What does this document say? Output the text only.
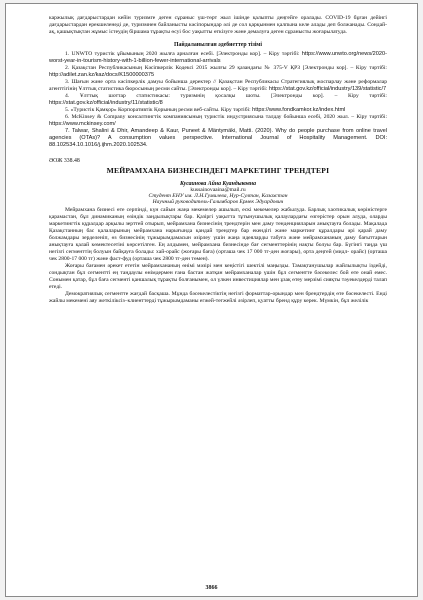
каржылық дағдарыстардан кейін туризмге деген сұраныс үш-төрт жыл ішінде қалыпты деңгейге оралады. COVID-19 бұған дейінгі дағдарыстардан ерекшеленеді де, туризмнен байланысты кәсіпорындар әлі де сол қарқынмен қалпына келе алады деп болжанады. Сондай-ақ, қашықтықтан жұмыс істеудің біршама тұрақты өсуі бос уақытты өткізуге және демалуға деген сұранысты жоғарылатуда.

Пайдаланылған әдебиеттер тізімі

1. UNWTO туристік ұйымының 2020 жылға арналған есебі. [Электронды кор]. – Кіру тәртібі: https://www.unwto.org/news/2020-worst-year-in-tourism-history-with-1-billion-fewer-international-arrivals

2. Қазақстан Республикасының Кәсіпкерлік Кодексі 2015 жылғы 29 қазандағы № 375-V ҚРЗ [Электронды кор]. – Кіру тәртібі: http://adilet.zan.kz/kaz/docs/K1500000375

3. Шағын және орта кәсіпкерлік дамуы бойынша деректер // Қазақстан Республикасы Стратегиялық жоспарлау және реформалар агенттігінің Ұлттық статистика бюросының ресми сайты. [Электронды кор]. – Кіру тәртібі: https://stat.gov.kz/official/industry/139/statistic/7

4. Ұлттық шоттар статистикасы: туризмнің қосалқы шоты. [Электронды кор]. – Кіру тәртібі: https://stat.gov.kz/official/industry/11/statistic/8

5. «Туристік Қамқор» Корпоративтік Қорының ресми веб-сайты. Кіру тәртібі: https://www.fondkamkor.kz/index.html

6. McKinsey & Company консалтингтік компаниясының туристік индустриясына талдау бойынша есебі, 2020 жыл. – Кіру тәртібі: https://www.mckinsey.com/

7. Talwar, Shalini & Dhir, Amandeep & Kaur, Puneet & Mäntymäki, Matti. (2020). Why do people purchase from online travel agencies (OTAs)? A consumption values perspective. International Journal of Hospitality Management. DOI: 88.102534.10.1016/j.ijhm.2020.102534.

ӘОЖ 338.48
МЕЙРАМХАНА БИЗНЕСІНДЕГІ МАРКЕТИНГ ТРЕНДТЕРІ
Кусаинова Айна Куандыковна
kussainovaaina@mail.ru
Студент ЕНУ им. Л.Н.Гумилева, Нур-Султан, Казахстан
Научный руководитель-Галимбаров Ермек Эдуардович

Мейрамхана бизнесі өте серпінді, күн сайын жаңа мекемелер ашылып, ескі мекемелер жабылуда. Барлық хаотикалық көріністерге қарамастан, бұл динамиканың өзіндік заңдылықтары бар. Қазіргі уақытта тұтынушылық қалаулардағы өзгерістер орын алуда, оларды маркетингтік құралдар арқылы зерттей отырып, мейрамхана бизнесінің трендтерін мен даму тенденцияларын анықтауға болады. Мақалада Қазақстанның бас қалаларының мейрамхана нарығында қандай трендтер бар екендігі және маркетинг құралдары әрі қарай даму болжамдары зерделеніп, өз бизнесінің тұжырымдамасын әзірлеу үшін жаңа идеяларды табуға және мейрамхананың даму бағыттарын анықтауға қалай көмектесетіні көрсетілген. Ең алдымен, мейрамхана бизнесінде бағ сегменттерінің нақты болуы бар. Бүгінгі таңда үш негізгі сегменттің болуын байқауға болады: хай-орайс (жоғары баға) (орташа чек 17 000 тг-ден жоғары), орта деңгей (мидл- орайс) (орташа чек 2800-17 000 тг) және фаст-фуд (орташа чек 2800 тг-ден төмен).

Жоғары бағамен әрекет ететін мейрамхананың өнімі мәзірі мен кеңістігі шектілі маңызды. Тамақтанушылар жайлылықты іздейді, сондықтан бұл сегментті ең таңдаулы өнімдермен ғана бастан жатқан мейрамханалар үшін бұл сегментте бәсекелес бой өте онай емес. Сонымен қатар, бұл баға сегменті қаншалық тұрақты болғанымен, ол үлкен инвестициялар мен ұзақ өтеу мерзімі сияқты тәуекелдерді талап етеді.

Демократиялық сегментте жағдай басқаша. Мұнда бәсекелестіктің негізгі форматтар-орындар мен брендтердің өте бәсекелесті. Енді жайлы мекемені аяу жеткіліксіз–клиенттерді тұжырымдаманы егжей-тегжейлі әзірлеп, қуатты бренд құру керек. Мүмкін, бұл желілік

3866
